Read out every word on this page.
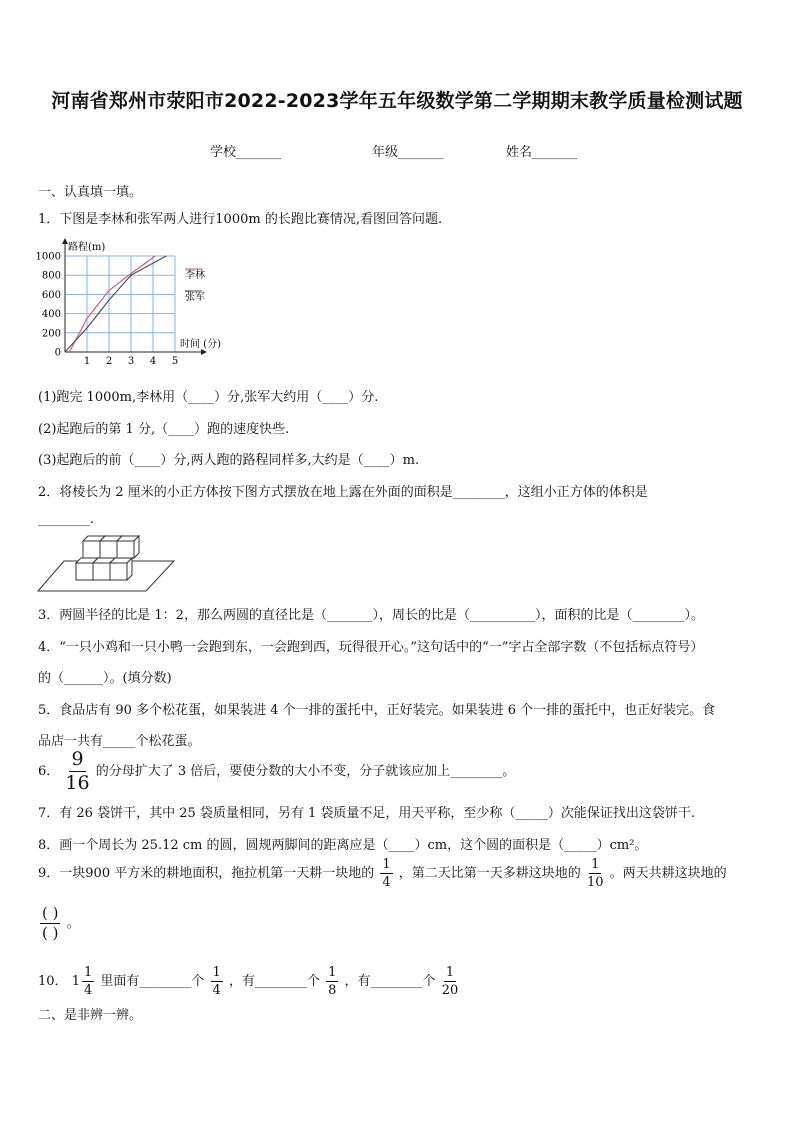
河南省郑州市荥阳市2022-2023学年五年级数学第二学期期末教学质量检测试题
学校_______	年级_______	姓名_______
一、认真填一填。
1．下图是李林和张军两人进行1000m 的长跑比赛情况,看图回答问题.
路程(m)
时间 (分)
0
200
400
600
800
1000
1 2 3 4 5
李林
张军
(1)跑完 1000m,李林用（____）分,张军大约用（____）分.
(2)起跑后的第 1 分,（____）跑的速度快些.
(3)起跑后的前（____）分,两人跑的路程同样多,大约是（____）m.
2．将棱长为 2 厘米的小正方体按下图方式摆放在地上露在外面的面积是________，这组小正方体的体积是
________.
3．两圆半径的比是 1：2，那么两圆的直径比是（_______），周长的比是（__________），面积的比是（________）。
4．“一只小鸡和一只小鸭一会跑到东，一会跑到西，玩得很开心。”这句话中的“一”字占全部字数（不包括标点符号）
的（______）。(填分数)
5．食品店有 90 多个松花蛋，如果装进 4 个一排的蛋托中，正好装完。如果装进 6 个一排的蛋托中，也正好装完。食
品店一共有_____个松花蛋。
6． $\frac{9}{16}$ 的分母扩大了 3 倍后，要使分数的大小不变，分子就该应加上________。
7．有 26 袋饼干，其中 25 袋质量相同，另有 1 袋质量不足，用天平称，至少称（_____）次能保证找出这袋饼干.
8．画一个周长为 25.12 cm 的圆，圆规两脚间的距离应是（____）cm，这个圆的面积是（_____）cm²。
9．一块900 平方米的耕地面积，拖拉机第一天耕一块地的 $\frac{1}{4}$ ，第二天比第一天多耕这块地的 $\frac{1}{10}$ 。两天共耕这块地的
$\frac{( )}{( )}$ 。
10． $1 \frac{1}{4}$ 里面有________个 $\frac{1}{4}$ ，有________个 $\frac{1}{8}$ ，有________个 $\frac{1}{20}$
二、是非辨一辨。
